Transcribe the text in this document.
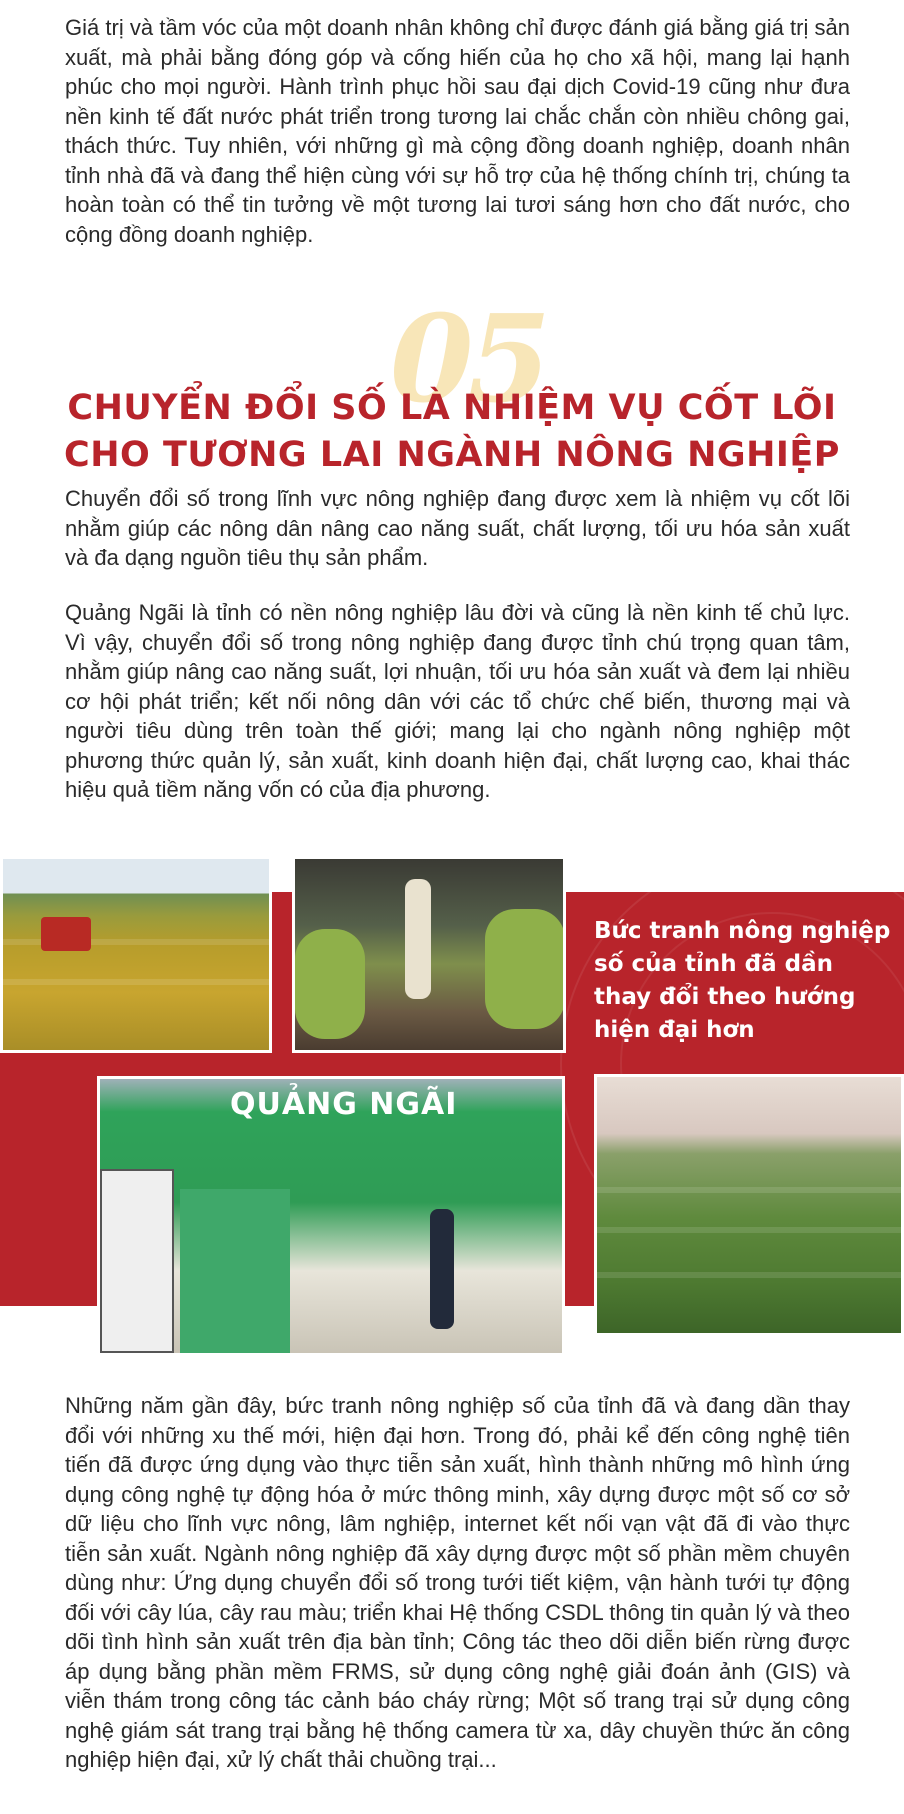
Giá trị và tầm vóc của một doanh nhân không chỉ được đánh giá bằng giá trị sản xuất, mà phải bằng đóng góp và cống hiến của họ cho xã hội, mang lại hạnh phúc cho mọi người. Hành trình phục hồi sau đại dịch Covid-19 cũng như đưa nền kinh tế đất nước phát triển trong tương lai chắc chắn còn nhiều chông gai, thách thức. Tuy nhiên, với những gì mà cộng đồng doanh nghiệp, doanh nhân tỉnh nhà đã và đang thể hiện cùng với sự hỗ trợ của hệ thống chính trị, chúng ta hoàn toàn có thể tin tưởng về một tương lai tươi sáng hơn cho đất nước, cho cộng đồng doanh nghiệp.

05
CHUYỂN ĐỔI SỐ LÀ NHIỆM VỤ CỐT LÕI
CHO TƯƠNG LAI NGÀNH NÔNG NGHIỆP

Chuyển đổi số trong lĩnh vực nông nghiệp đang được xem là nhiệm vụ cốt lõi nhằm giúp các nông dân nâng cao năng suất, chất lượng, tối ưu hóa sản xuất và đa dạng nguồn tiêu thụ sản phẩm.

Quảng Ngãi là tỉnh có nền nông nghiệp lâu đời và cũng là nền kinh tế chủ lực. Vì vậy, chuyển đổi số trong nông nghiệp đang được tỉnh chú trọng quan tâm, nhằm giúp nâng cao năng suất, lợi nhuận, tối ưu hóa sản xuất và đem lại nhiều cơ hội phát triển; kết nối nông dân với các tổ chức chế biến, thương mại và người tiêu dùng trên toàn thế giới; mang lại cho ngành nông nghiệp một phương thức quản lý, sản xuất, kinh doanh hiện đại, chất lượng cao, khai thác hiệu quả tiềm năng vốn có của địa phương.

Bức tranh nông nghiệp số của tỉnh đã dần thay đổi theo hướng hiện đại hơn

QUẢNG NGÃI

Những năm gần đây, bức tranh nông nghiệp số của tỉnh đã và đang dần thay đổi với những xu thế mới, hiện đại hơn. Trong đó, phải kể đến công nghệ tiên tiến đã được ứng dụng vào thực tiễn sản xuất, hình thành những mô hình ứng dụng công nghệ tự động hóa ở mức thông minh, xây dựng được một số cơ sở dữ liệu cho lĩnh vực nông, lâm nghiệp, internet kết nối vạn vật đã đi vào thực tiễn sản xuất. Ngành nông nghiệp đã xây dựng được một số phần mềm chuyên dùng như: Ứng dụng chuyển đổi số trong tưới tiết kiệm, vận hành tưới tự động đối với cây lúa, cây rau màu; triển khai Hệ thống CSDL thông tin quản lý và theo dõi tình hình sản xuất trên địa bàn tỉnh; Công tác theo dõi diễn biến rừng được áp dụng bằng phần mềm FRMS, sử dụng công nghệ giải đoán ảnh (GIS) và viễn thám trong công tác cảnh báo cháy rừng; Một số trang trại sử dụng công nghệ giám sát trang trại bằng hệ thống camera từ xa, dây chuyền thức ăn công nghiệp hiện đại, xử lý chất thải chuồng trại...
